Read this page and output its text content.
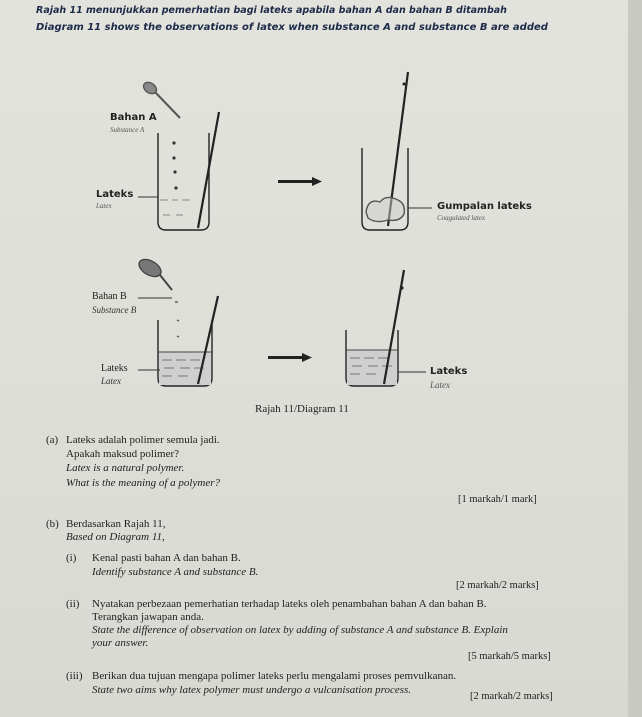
Rajah 11 menunjukkan pemerhatian bagi lateks apabila bahan A dan bahan B ditambah
Diagram 11 shows the observations of latex when substance A and substance B are added
Bahan A
Substance A
Lateks
Latex	Gumpalan lateks
Coagulated latex
Bahan B
Substance B
Lateks
Latex
Lateks
Latex
Rajah 11/Diagram 11
(a) Lateks adalah polimer semula jadi.
Apakah maksud polimer?
Latex is a natural polymer.
What is the meaning of a polymer?
[1 markah/1 mark]
(b) Berdasarkan Rajah 11,
Based on Diagram 11,
(i) Kenal pasti bahan A dan bahan B.
Identify substance A and substance B.
[2 markah/2 marks]
(ii) Nyatakan perbezaan pemerhatian terhadap lateks oleh penambahan bahan A dan bahan B.
Terangkan jawapan anda.
State the difference of observation on latex by adding of substance A and substance B. Explain
your answer.
[5 markah/5 marks]
(iii) Berikan dua tujuan mengapa polimer lateks perlu mengalami proses pemvulkanan.
State two aims why latex polymer must undergo a vulcanisation process.
[2 markah/2 marks]
